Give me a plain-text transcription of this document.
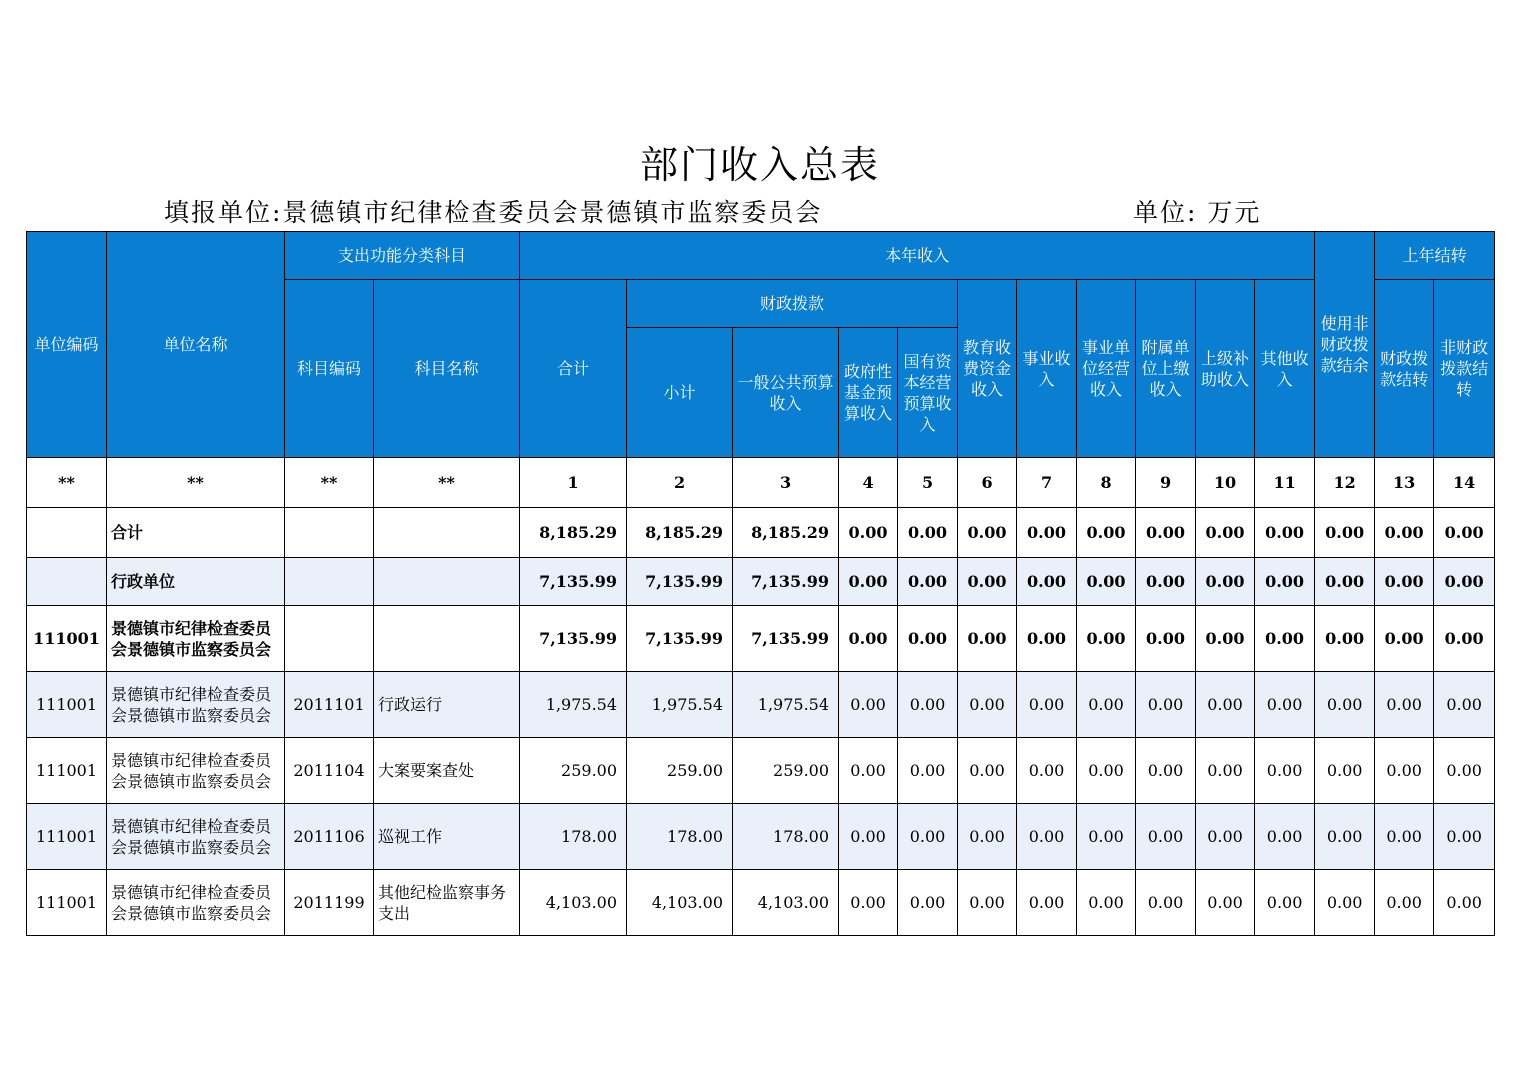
部门收入总表
填报单位:景德镇市纪律检查委员会景德镇市监察委员会	单位: 万元
单位编码	单位名称	支出功能分类科目		本年收入											使用非财政拨款结余	上年结转	
		科目编码	科目名称	合计	财政拨款				教育收费资金收入	事业收入	事业单位经营收入	附属单位上缴收入	上级补助收入	其他收入		财政拨款结转	非财政拨款结转
					小计	一般公共预算收入	政府性基金预算收入	国有资本经营预算收入									
**	**	**	**	1	2	3	4	5	6	7	8	9	10	11	12	13	14
	合计			8,185.29	8,185.29	8,185.29	0.00	0.00	0.00	0.00	0.00	0.00	0.00	0.00	0.00	0.00	0.00
	行政单位			7,135.99	7,135.99	7,135.99	0.00	0.00	0.00	0.00	0.00	0.00	0.00	0.00	0.00	0.00	0.00
111001	景德镇市纪律检查委员会景德镇市监察委员会			7,135.99	7,135.99	7,135.99	0.00	0.00	0.00	0.00	0.00	0.00	0.00	0.00	0.00	0.00	0.00
111001	景德镇市纪律检查委员会景德镇市监察委员会	2011101	行政运行	1,975.54	1,975.54	1,975.54	0.00	0.00	0.00	0.00	0.00	0.00	0.00	0.00	0.00	0.00	0.00
111001	景德镇市纪律检查委员会景德镇市监察委员会	2011104	大案要案查处	259.00	259.00	259.00	0.00	0.00	0.00	0.00	0.00	0.00	0.00	0.00	0.00	0.00	0.00
111001	景德镇市纪律检查委员会景德镇市监察委员会	2011106	巡视工作	178.00	178.00	178.00	0.00	0.00	0.00	0.00	0.00	0.00	0.00	0.00	0.00	0.00	0.00
111001	景德镇市纪律检查委员会景德镇市监察委员会	2011199	其他纪检监察事务支出	4,103.00	4,103.00	4,103.00	0.00	0.00	0.00	0.00	0.00	0.00	0.00	0.00	0.00	0.00	0.00
